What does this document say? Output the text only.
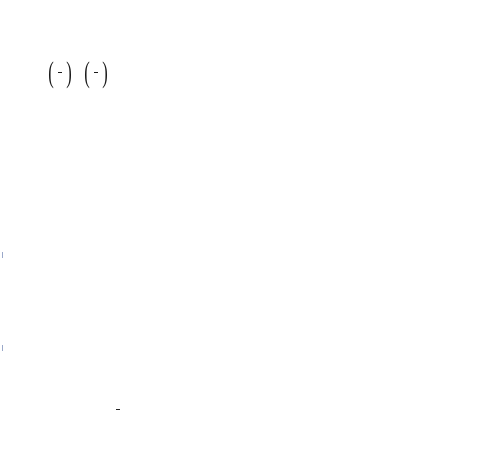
( ) ( )
